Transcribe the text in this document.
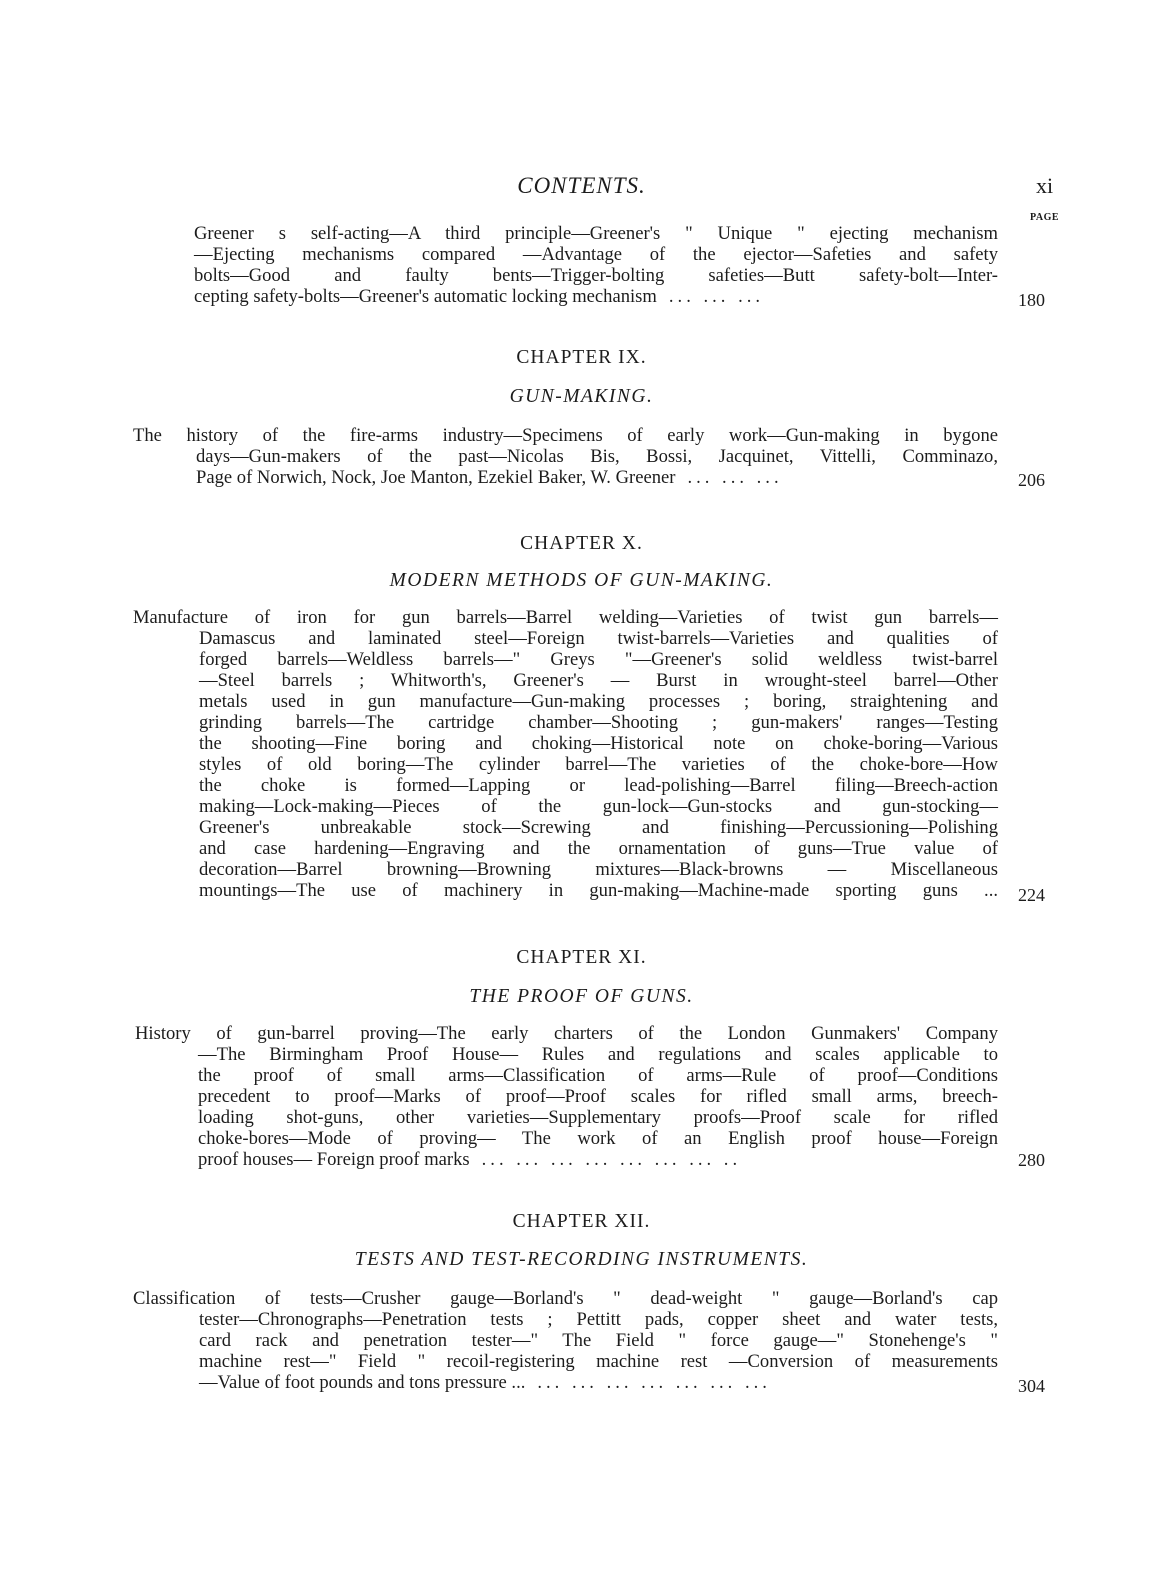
CONTENTS.	xi
PAGE
Greener s self-acting—A third principle—Greener's " Unique " ejecting mechanism
—Ejecting mechanisms compared —Advantage of the ejector—Safeties and safety
bolts—Good and faulty bents—Trigger-bolting safeties—Butt safety-bolt—Inter-
cepting safety-bolts—Greener's automatic locking mechanism ... ... ...	180
CHAPTER IX.
GUN-MAKING.
The history of the fire-arms industry—Specimens of early work—Gun-making in bygone
days—Gun-makers of the past—Nicolas Bis, Bossi, Jacquinet, Vittelli, Comminazo,
Page of Norwich, Nock, Joe Manton, Ezekiel Baker, W. Greener ... ... ...	206
CHAPTER X.
MODERN METHODS OF GUN-MAKING.
Manufacture of iron for gun barrels—Barrel welding—Varieties of twist gun barrels—
Damascus and laminated steel—Foreign twist-barrels—Varieties and qualities of
forged barrels—Weldless barrels—" Greys "—Greener's solid weldless twist-barrel
—Steel barrels ; Whitworth's, Greener's — Burst in wrought-steel barrel—Other
metals used in gun manufacture—Gun-making processes ; boring, straightening and
grinding barrels—The cartridge chamber—Shooting ; gun-makers' ranges—Testing
the shooting—Fine boring and choking—Historical note on choke-boring—Various
styles of old boring—The cylinder barrel—The varieties of the choke-bore—How
the choke is formed—Lapping or lead-polishing—Barrel filing—Breech-action
making—Lock-making—Pieces of the gun-lock—Gun-stocks and gun-stocking—
Greener's unbreakable stock—Screwing and finishing—Percussioning—Polishing
and case hardening—Engraving and the ornamentation of guns—True value of
decoration—Barrel browning—Browning mixtures—Black-browns — Miscellaneous
mountings—The use of machinery in gun-making—Machine-made sporting guns ... 224
CHAPTER XI.
THE PROOF OF GUNS.
History of gun-barrel proving—The early charters of the London Gunmakers' Company
—The Birmingham Proof House— Rules and regulations and scales applicable to
the proof of small arms—Classification of arms—Rule of proof—Conditions
precedent to proof—Marks of proof—Proof scales for rifled small arms, breech-
loading shot-guns, other varieties—Supplementary proofs—Proof scale for rifled
choke-bores—Mode of proving— The work of an English proof house—Foreign
proof houses— Foreign proof marks ... ... ... ... ... ... ... ..	280
CHAPTER XII.
TESTS AND TEST-RECORDING INSTRUMENTS.
Classification of tests—Crusher gauge—Borland's " dead-weight " gauge—Borland's cap
tester—Chronographs—Penetration tests ; Pettitt pads, copper sheet and water tests,
card rack and penetration tester—" The Field " force gauge—" Stonehenge's "
machine rest—" Field " recoil-registering machine rest —Conversion of measurements
—Value of foot pounds and tons pressure ... ... ... ... ... ... ... ...	304
